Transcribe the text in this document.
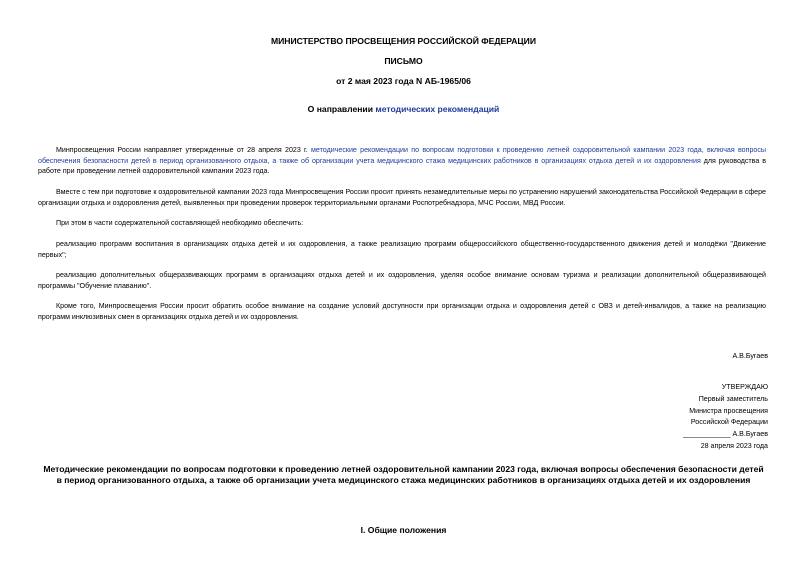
МИНИСТЕРСТВО ПРОСВЕЩЕНИЯ РОССИЙСКОЙ ФЕДЕРАЦИИ
ПИСЬМО
от 2 мая 2023 года N АБ-1965/06
О направлении методических рекомендаций
Минпросвещения России направляет утвержденные от 28 апреля 2023 г. методические рекомендации по вопросам подготовки к проведению летней оздоровительной кампании 2023 года, включая вопросы обеспечения безопасности детей в период организованного отдыха, а также об организации учета медицинского стажа медицинских работников в организациях отдыха детей и их оздоровления для руководства в работе при проведении летней оздоровительной кампании 2023 года.
Вместе с тем при подготовке к оздоровительной кампании 2023 года Минпросвещения России просит принять незамедлительные меры по устранению нарушений законодательства Российской Федерации в сфере организации отдыха и оздоровления детей, выявленных при проведении проверок территориальными органами Роспотребнадзора, МЧС России, МВД России.
При этом в части содержательной составляющей необходимо обеспечить:
реализацию программ воспитания в организациях отдыха детей и их оздоровления, а также реализацию программ общероссийского общественно-государственного движения детей и молодёжи "Движение первых";
реализацию дополнительных общеразвивающих программ в организациях отдыха детей и их оздоровления, уделяя особое внимание основам туризма и реализации дополнительной общеразвивающей программы "Обучение плаванию".
Кроме того, Минпросвещения России просит обратить особое внимание на создание условий доступности при организации отдыха и оздоровления детей с ОВЗ и детей-инвалидов, а также на реализацию программ инклюзивных смен в организациях отдыха детей и их оздоровления.
А.В.Бугаев
УТВЕРЖДАЮ
Первый заместитель
Министра просвещения
Российской Федерации
____________ А.В.Бугаев
28 апреля 2023 года
Методические рекомендации по вопросам подготовки к проведению летней оздоровительной кампании 2023 года, включая вопросы обеспечения безопасности детей в период организованного отдыха, а также об организации учета медицинского стажа медицинских работников в организациях отдыха детей и их оздоровления
I. Общие положения
